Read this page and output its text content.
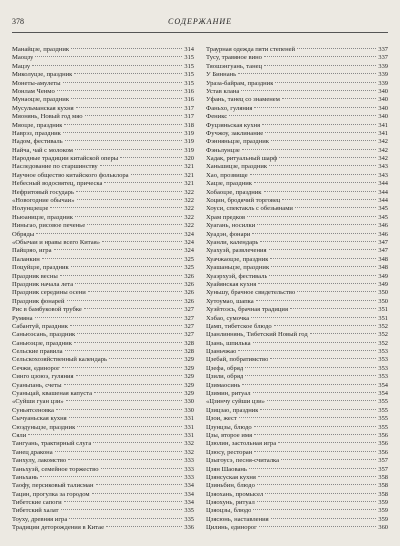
378	СОДЕРЖАНИЕ
Манайцзе, праздник	314
Маоцзу	315
Мацзу	315
Миколуцзе, праздник	315
Монеты-амулеты	315
Монлам Ченмо	316
Мунаоцзе, праздник	316
Мусульманская кухня	317
Мяонянь, Новый год мяо	317
Мяоцзе, праздник	318
Наврэз, праздник	319
Надом, фестиваль	319
Найча, чай с молоком	319
Народные традиции китайской оперы	320
Наследование по старшинству	321
Научное общество китайского фольклора	321
Небесный водосвятец, прическа	321
Нефритовый государь	322
«Новогодние обычаи»	322
Нолунцзецзе	322
Ньюаницзе, праздник	322
Ниньгао, рисовое печенье	322
Обряды	324
«Обычаи и нравы всего Китая»	324
Пайцзяо, игра	324
Паланкин	325
Поцуйцзе, праздник	325
Праздник весны	326
Праздник начала лета	326
Праздник середины осени	326
Праздник фонарей	326
Рис в бамбуковой трубке	327
Румяна	327
Сабантуй, праздник	327
Саньюэсань, праздник	327
Саньюэцзе, праздник	328
Сельские правила	328
Сельскохозяйственный календарь	329
Сечжи, единорог	329
Синго цзоюэ, гуляния	329
Суаньпань, счеты	329
Суаньцай, квашеная капуста	329
«Суйши гуан цзи»	330
Суньятсеновка	330
Сычуаньская кухня	331
Сюэдуньцзе, праздник	331
Сяли	331
Тангуань, трактирный слуга	332
Танец дракона	332
Танхулу, лакомство	333
Таньхуэй, семейное торжество	333
Таньхань	333
Таофу, персиковый талисман	334
Тацин, прогулка за городом	334
Тибетские сапоги	334
Тибетский халат	335
Тоуху, древняя игра	335
Традиции деторождения в Китае	336
Траурная одежда пяти степеней	337
Тусу, травяное вино	337
Тяошэнгуань, танец	339
У Биннань	339
Ураза-байрам, праздник	339
Устав клана	340
Уфань, танец со знаменем	340
Фаньхо, гуляния	340
Феникс	340
Фуцзяньская кухня	341
Фучжоу, заклинание	341
Фэнняньцзе, праздник	342
Фэньлунцзе	342
Хадак, ритуальный шарф	342
Ханьшицзе, праздник	343
Хао, прозвище	343
Хацзе, праздник	344
Хобаоцзе, праздник	344
Хоцин, бродячий торговец	344
Хоуси, спектакль с обезьянами	345
Храм предков	345
Хуагань, носилки	346
Хуадэн, фонари	346
Хуанли, календарь	347
Хуахуэй, развлечения	347
Хуачжаоцзе, праздник	348
Хуашаньцзе, праздник	348
Хуаэрхуэй, фестиваль	349
Хуайянская кухня	349
Хуньшу, брачное свидетельство	350
Хутоумао, шапка	350
Хуэйтоэсь, брачная традиция	351
Хэбао, сумочка	351
Цамп, тибетское блюдо	352
Цзанлиннянь, Тибетский Новый год	352
Цзань, шпилька	352
Цзаньчжао	353
Цзебай, побратимство	353
Цзефа, обряд	353
Цзили, обряд	353
Цзимаосинь	354
Цзимин, ритуал	354
«Цзинчу суйши цзи»	355
Цзицзао, праздник	355
Цзои, жест	355
Цзунцзы, блюдо	355
Цзы, второе имя	356
Цзюлин, застольная игра	356
Цзюсу, ресторан	356
Цзыгоусэ, песня-считалка	357
Цзян Шаовань	357
Цзянсуская кухня	358
Цзиньбин, блюдо	358
Цзяохань, промысел	358
Цзяохунь, ритуал	359
Цзяоцзы, блюдо	359
Цзясюнь, наставления	359
Цилинь, единорог	360
